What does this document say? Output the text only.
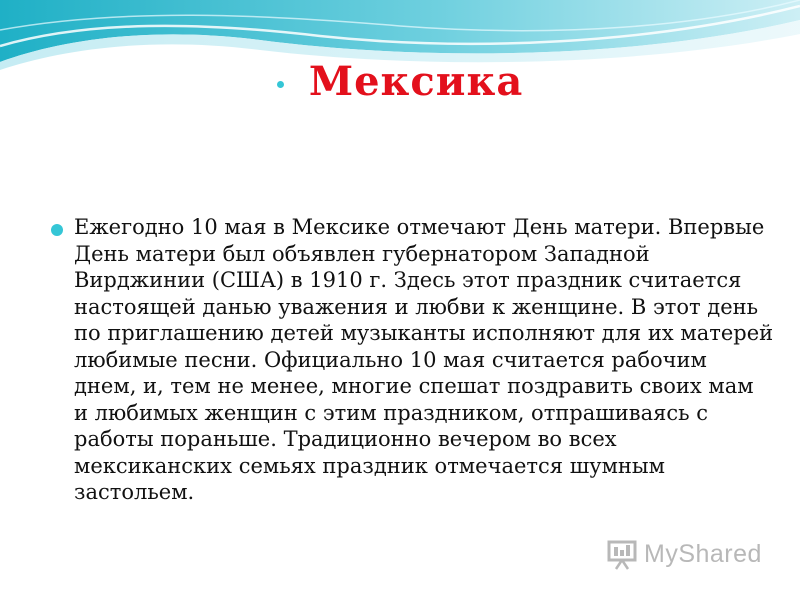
Мексика
Ежегодно 10 мая в Мексике отмечают День матери. Впервые День матери был объявлен губернатором Западной Вирджинии (США) в 1910 г. Здесь этот праздник считается настоящей данью уважения и любви к женщине. В этот день по приглашению детей музыканты исполняют для их матерей любимые песни. Официально 10 мая считается рабочим днем, и, тем не менее, многие спешат поздравить своих мам и любимых женщин с этим праздником, отпрашиваясь с работы пораньше. Традиционно вечером во всех мексиканских семьях праздник отмечается шумным застольем.
MyShared
